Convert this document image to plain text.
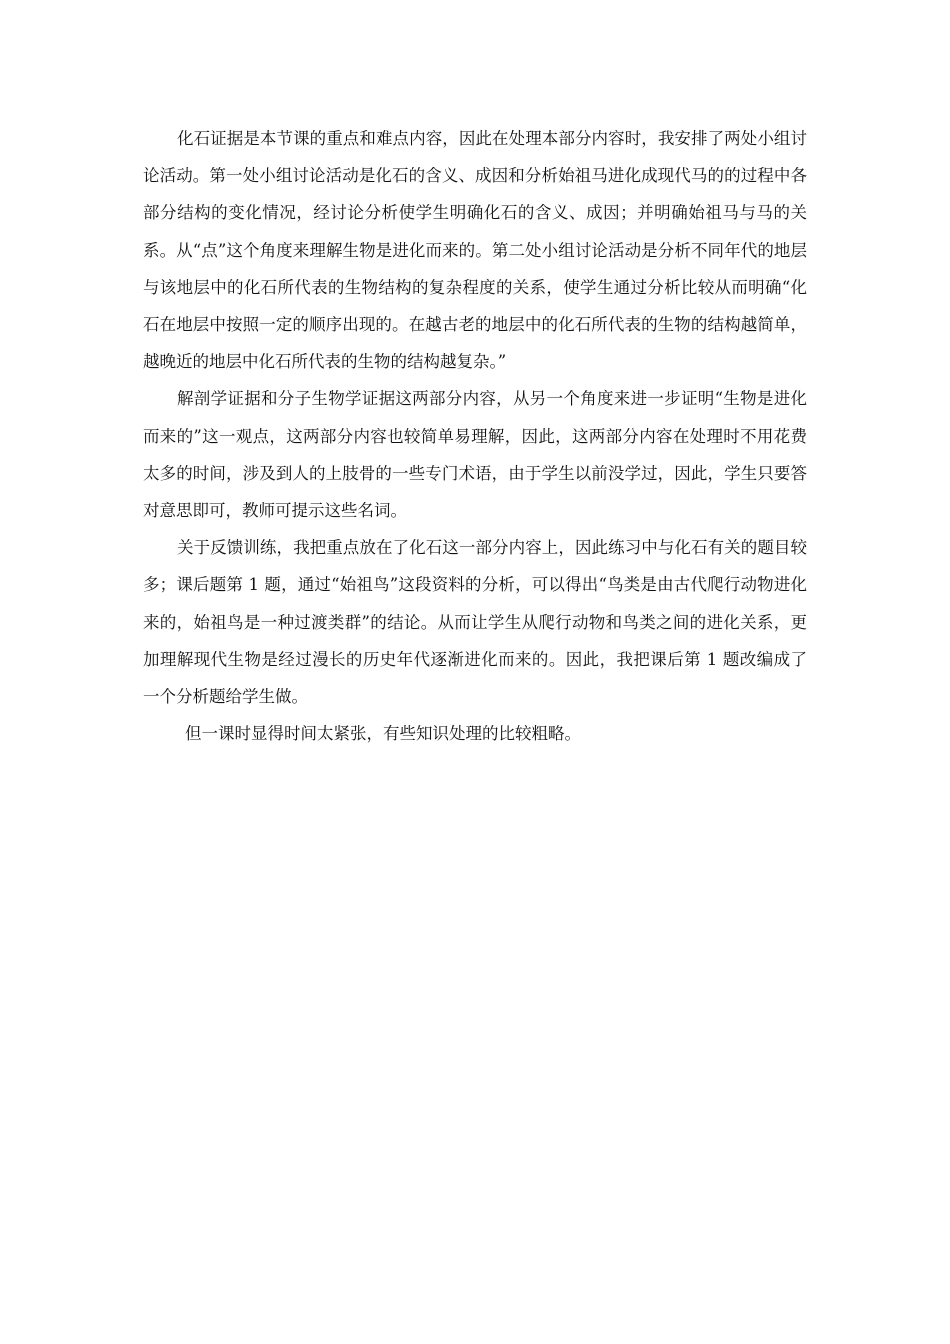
化石证据是本节课的重点和难点内容，因此在处理本部分内容时，我安排了两处小组讨论活动。第一处小组讨论活动是化石的含义、成因和分析始祖马进化成现代马的的过程中各部分结构的变化情况，经讨论分析使学生明确化石的含义、成因；并明确始祖马与马的关系。从“点”这个角度来理解生物是进化而来的。第二处小组讨论活动是分析不同年代的地层与该地层中的化石所代表的生物结构的复杂程度的关系，使学生通过分析比较从而明确“化石在地层中按照一定的顺序出现的。在越古老的地层中的化石所代表的生物的结构越简单，越晚近的地层中化石所代表的生物的结构越复杂。”

解剖学证据和分子生物学证据这两部分内容，从另一个角度来进一步证明“生物是进化而来的”这一观点，这两部分内容也较简单易理解，因此，这两部分内容在处理时不用花费太多的时间，涉及到人的上肢骨的一些专门术语，由于学生以前没学过，因此，学生只要答对意思即可，教师可提示这些名词。

关于反馈训练，我把重点放在了化石这一部分内容上，因此练习中与化石有关的题目较多；课后题第 1 题，通过“始祖鸟”这段资料的分析，可以得出“鸟类是由古代爬行动物进化来的，始祖鸟是一种过渡类群”的结论。从而让学生从爬行动物和鸟类之间的进化关系，更加理解现代生物是经过漫长的历史年代逐渐进化而来的。因此，我把课后第 1 题改编成了一个分析题给学生做。

但一课时显得时间太紧张，有些知识处理的比较粗略。
